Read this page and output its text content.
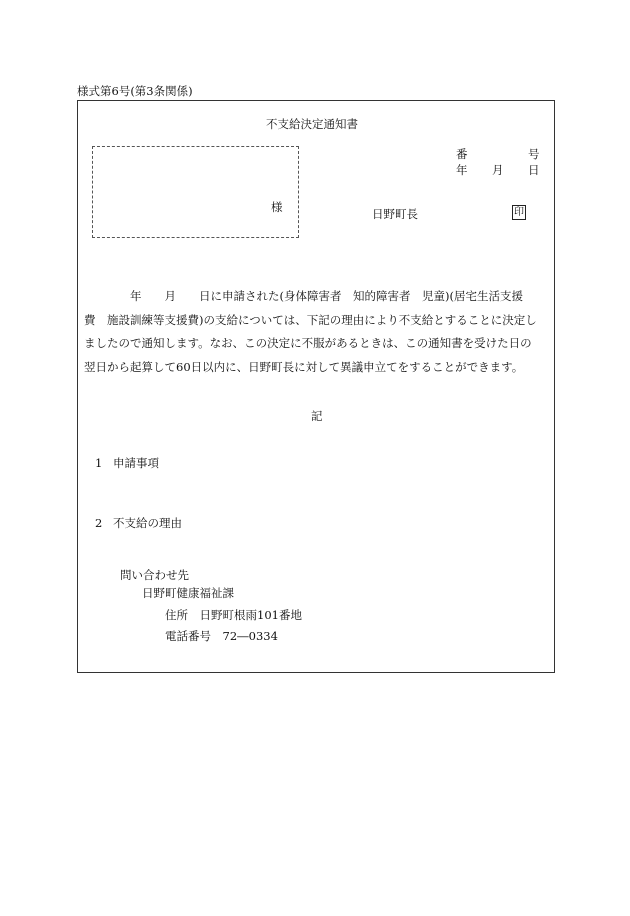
様式第6号(第3条関係)
不支給決定通知書
様
番	号
年 月 日
日野町長	印
　　　　年　　月　　日に申請された(身体障害者　知的障害者　児童)(居宅生活支援
費　施設訓練等支援費)の支給については、下記の理由により不支給とすることに決定し
ましたので通知します。なお、この決定に不服があるときは、この通知書を受けた日の
翌日から起算して60日以内に、日野町長に対して異議申立てをすることができます。
記
1 申請事項
2 不支給の理由
問い合わせ先
日野町健康福祉課
住所　日野町根雨101番地
電話番号　72―0334
